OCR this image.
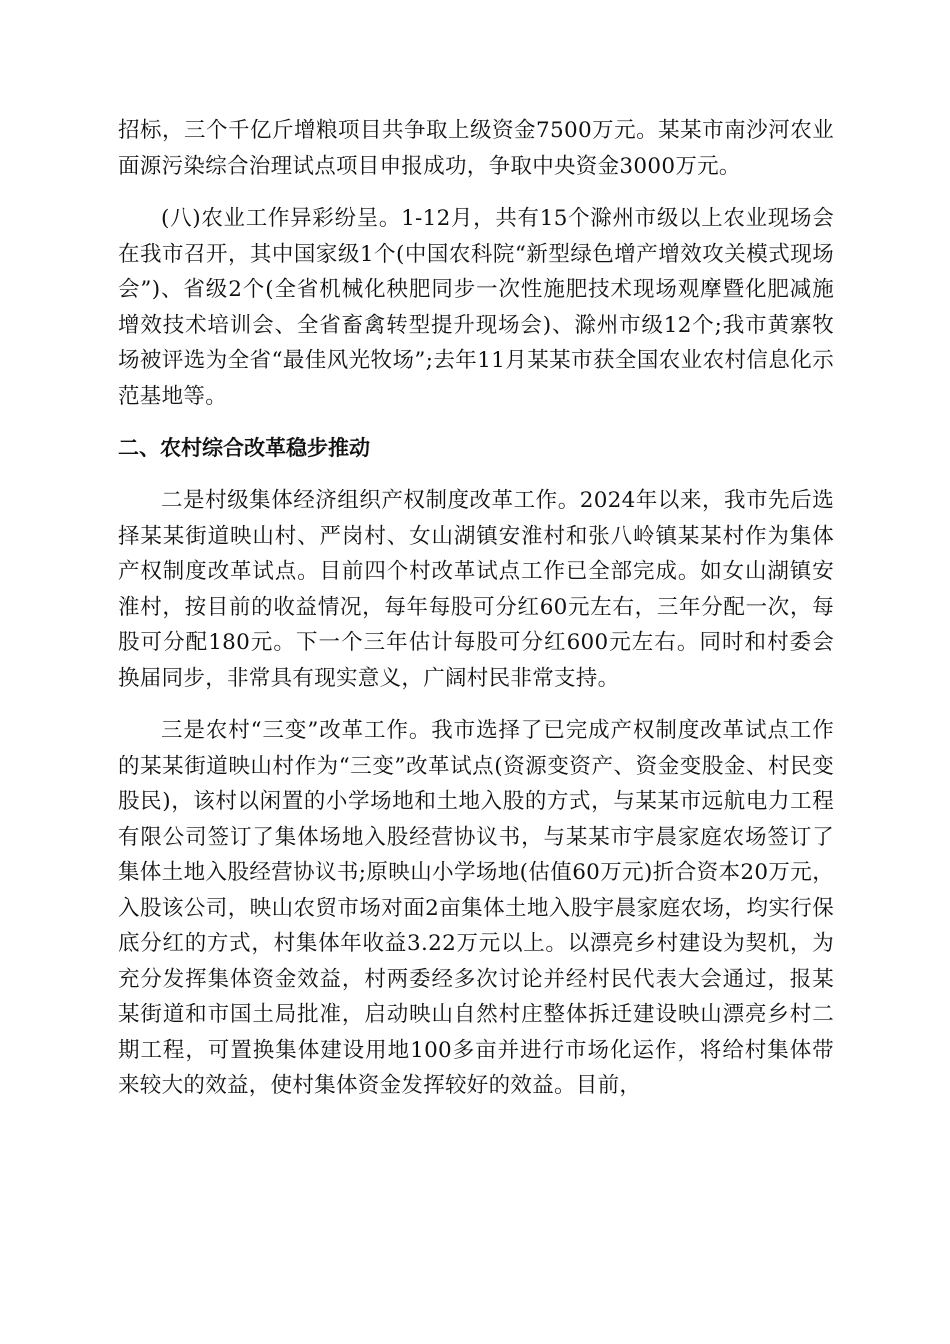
招标，三个千亿斤增粮项目共争取上级资金7500万元。某某市南沙河农业面源污染综合治理试点项目申报成功，争取中央资金3000万元。

(八)农业工作异彩纷呈。1-12月，共有15个滁州市级以上农业现场会在我市召开，其中国家级1个(中国农科院“新型绿色增产增效攻关模式现场会”)、省级2个(全省机械化秧肥同步一次性施肥技术现场观摩暨化肥减施增效技术培训会、全省畜禽转型提升现场会)、滁州市级12个;我市黄寨牧场被评选为全省“最佳风光牧场”;去年11月某某市获全国农业农村信息化示范基地等。

二、农村综合改革稳步推动

二是村级集体经济组织产权制度改革工作。2024年以来，我市先后选择某某街道映山村、严岗村、女山湖镇安淮村和张八岭镇某某村作为集体产权制度改革试点。目前四个村改革试点工作已全部完成。如女山湖镇安淮村，按目前的收益情况，每年每股可分红60元左右，三年分配一次，每股可分配180元。下一个三年估计每股可分红600元左右。同时和村委会换届同步，非常具有现实意义，广阔村民非常支持。

三是农村“三变”改革工作。我市选择了已完成产权制度改革试点工作的某某街道映山村作为“三变”改革试点(资源变资产、资金变股金、村民变股民)，该村以闲置的小学场地和土地入股的方式，与某某市远航电力工程有限公司签订了集体场地入股经营协议书，与某某市宇晨家庭农场签订了集体土地入股经营协议书;原映山小学场地(估值60万元)折合资本20万元，入股该公司，映山农贸市场对面2亩集体土地入股宇晨家庭农场，均实行保底分红的方式，村集体年收益3.22万元以上。以漂亮乡村建设为契机，为充分发挥集体资金效益，村两委经多次讨论并经村民代表大会通过，报某某街道和市国土局批准，启动映山自然村庄整体拆迁建设映山漂亮乡村二期工程，可置换集体建设用地100多亩并进行市场化运作，将给村集体带来较大的效益，使村集体资金发挥较好的效益。目前，
